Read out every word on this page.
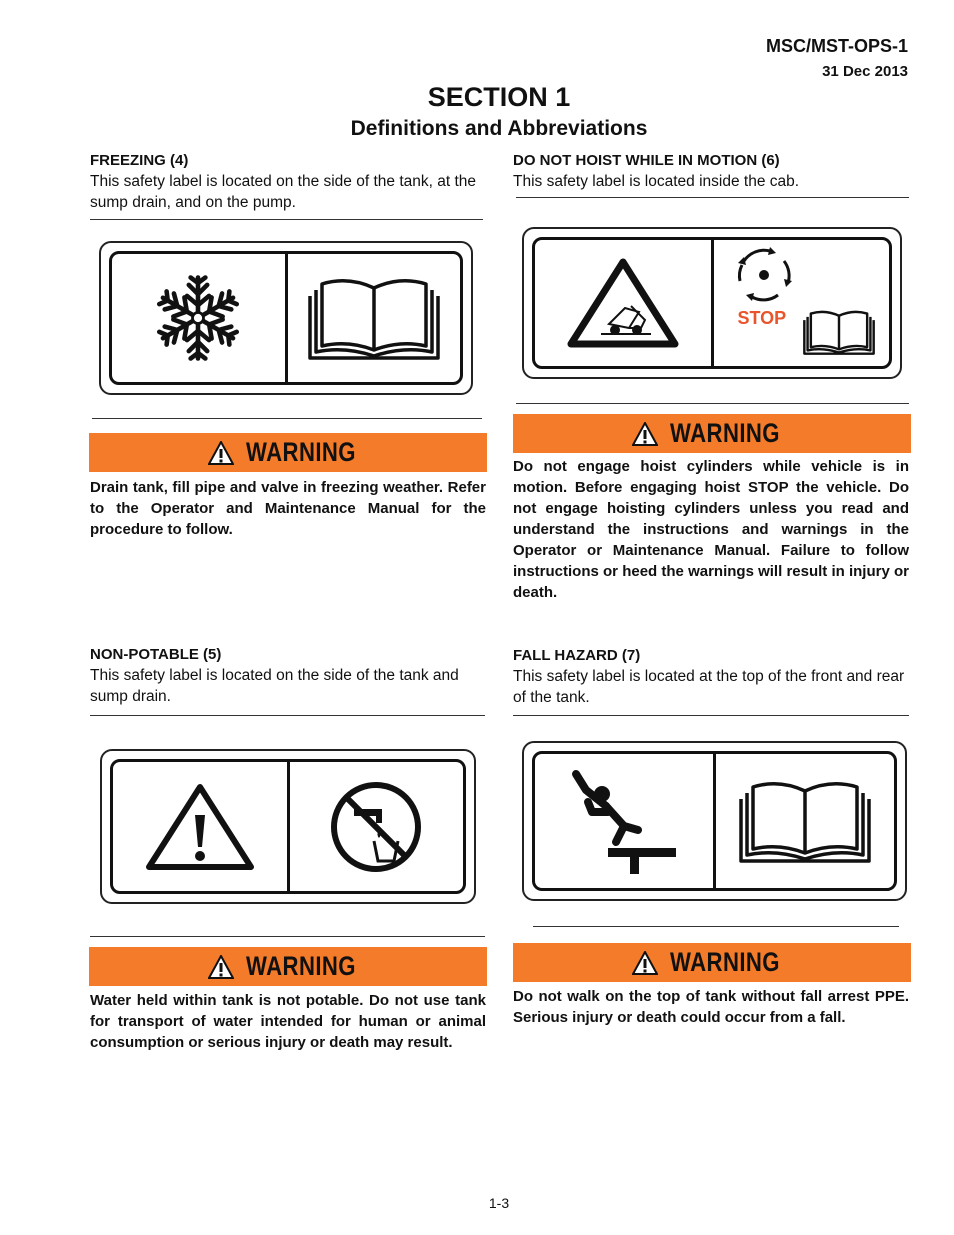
MSC/MST-OPS-1
31 Dec 2013
SECTION 1
Definitions and Abbreviations
FREEZING (4)
This safety label is located on the side of the tank, at the sump drain, and on the pump.
WARNING
Drain tank, fill pipe and valve in freezing weather. Refer to the Operator and Maintenance Manual for the procedure to follow.
DO NOT HOIST WHILE IN MOTION (6)
This safety label is located inside the cab.
STOP
WARNING
Do not engage hoist cylinders while vehicle is in motion. Before engaging hoist STOP the vehicle. Do not engage hoisting cylinders unless you read and understand the instructions and warnings in the Operator or Maintenance Manual. Failure to follow instructions or heed the warnings will result in injury or death.
NON-POTABLE (5)
This safety label is located on the side of the tank and sump drain.
WARNING
Water held within tank is not potable. Do not use tank for transport of water intended for human or animal consumption or serious injury or death may result.
FALL HAZARD (7)
This safety label is located at the top of the front and rear of the tank.
WARNING
Do not walk on the top of tank without fall arrest PPE. Serious injury or death could occur from a fall.
1-3
